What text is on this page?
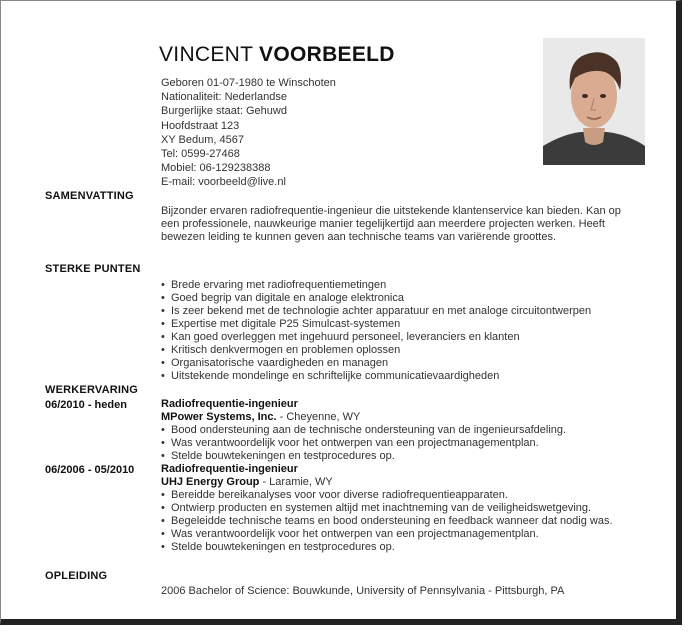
VINCENT VOORBEELD
Geboren 01-07-1980 te Winschoten
Nationaliteit: Nederlandse
Burgerlijke staat: Gehuwd
Hoofdstraat 123
XY Bedum, 4567
Tel: 0599-27468
Mobiel: 06-129238388
E-mail: voorbeeld@live.nl
SAMENVATTING
Bijzonder ervaren radiofrequentie-ingenieur die uitstekende klantenservice kan bieden. Kan op een professionele, nauwkeurige manier tegelijkertijd aan meerdere projecten werken. Heeft bewezen leiding te kunnen geven aan technische teams van variërende groottes.
STERKE PUNTEN
• Brede ervaring met radiofrequentiemetingen
• Goed begrip van digitale en analoge elektronica
• Is zeer bekend met de technologie achter apparatuur en met analoge circuitontwerpen
• Expertise met digitale P25 Simulcast-systemen
• Kan goed overleggen met ingehuurd personeel, leveranciers en klanten
• Kritisch denkvermogen en problemen oplossen
• Organisatorische vaardigheden en managen
• Uitstekende mondelinge en schriftelijke communicatievaardigheden
WERKERVARING
06/2010 - heden	Radiofrequentie-ingenieur
MPower Systems, Inc. - Cheyenne, WY
• Bood ondersteuning aan de technische ondersteuning van de ingenieursafdeling.
• Was verantwoordelijk voor het ontwerpen van een projectmanagementplan.
• Stelde bouwtekeningen en testprocedures op.
06/2006 - 05/2010 Radiofrequentie-ingenieur
UHJ Energy Group - Laramie, WY
• Bereidde bereikanalyses voor voor diverse radiofrequentieapparaten.
• Ontwierp producten en systemen altijd met inachtneming van de veiligheidswetgeving.
• Begeleidde technische teams en bood ondersteuning en feedback wanneer dat nodig was.
• Was verantwoordelijk voor het ontwerpen van een projectmanagementplan.
• Stelde bouwtekeningen en testprocedures op.
OPLEIDING
2006 Bachelor of Science: Bouwkunde, University of Pennsylvania - Pittsburgh, PA
